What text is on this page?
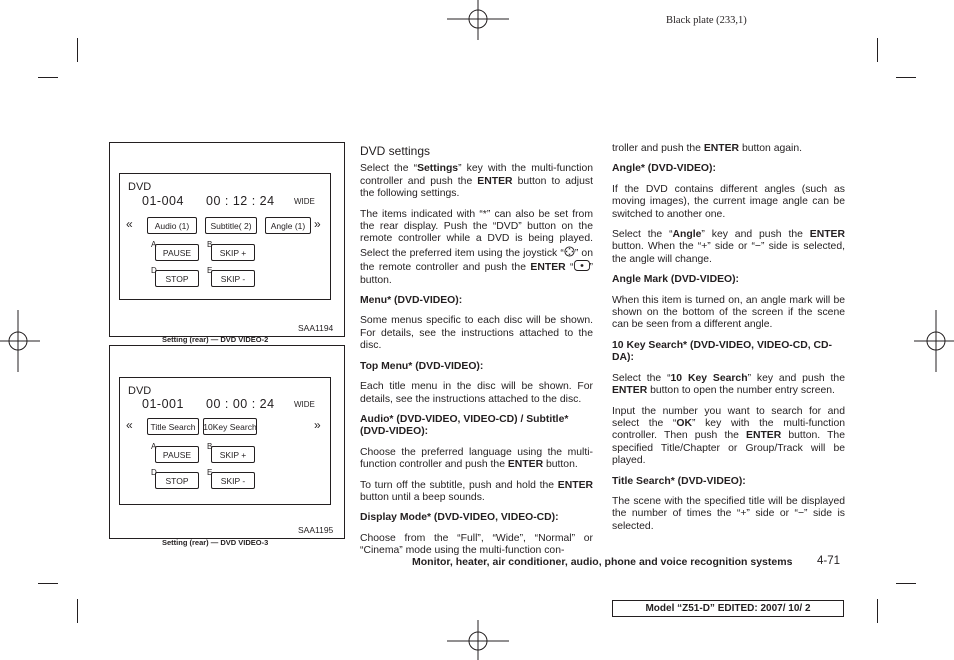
Black plate (233,1)
DVD
01-004 00 : 12 : 24 WIDE
«	Audio (1)	Subtitle( 2)	Angle (1) »
A
PAUSE
B
SKIP +
D
STOP
E
SKIP -
SAA1194
Setting (rear) — DVD VIDEO-2
DVD
01-001 00 : 00 : 24 WIDE
«	Title Search 10Key Search	»
A
PAUSE
B
SKIP +
D
STOP
E
SKIP -
SAA1195
Setting (rear) — DVD VIDEO-3
DVD settings

Select the “Settings” key with the multi-function controller and push the ENTER button to adjust the following settings.

The items indicated with “*” can also be set from the rear display. Push the “DVD” button on the remote controller while a DVD is being played. Select the preferred item using the joystick “ ” on the remote controller and push the ENTER “ ” button.

Menu* (DVD-VIDEO):

Some menus specific to each disc will be shown. For details, see the instructions attached to the disc.

Top Menu* (DVD-VIDEO):

Each title menu in the disc will be shown. For details, see the instructions attached to the disc.

Audio* (DVD-VIDEO, VIDEO-CD) / Subtitle* (DVD-VIDEO):

Choose the preferred language using the multi-function controller and push the ENTER button.

To turn off the subtitle, push and hold the ENTER button until a beep sounds.

Display Mode* (DVD-VIDEO, VIDEO-CD):

Choose from the “Full”, “Wide”, “Normal” or “Cinema” mode using the multi-function con-

troller and push the ENTER button again.

Angle* (DVD-VIDEO):

If the DVD contains different angles (such as moving images), the current image angle can be switched to another one.

Select the “Angle” key and push the ENTER button. When the “+” side or “−” side is selected, the angle will change.

Angle Mark (DVD-VIDEO):

When this item is turned on, an angle mark will be shown on the bottom of the screen if the scene can be seen from a different angle.

10 Key Search* (DVD-VIDEO, VIDEO-CD, CD-DA):

Select the “10 Key Search” key and push the ENTER button to open the number entry screen.

Input the number you want to search for and select the “OK” key with the multi-function controller. Then push the ENTER button. The specified Title/Chapter or Group/Track will be played.

Title Search* (DVD-VIDEO):

The scene with the specified title will be displayed the number of times the “+” side or “−” side is selected.

Monitor, heater, air conditioner, audio, phone and voice recognition systems 4-71
Model “Z51-D” EDITED: 2007/ 10/ 2
